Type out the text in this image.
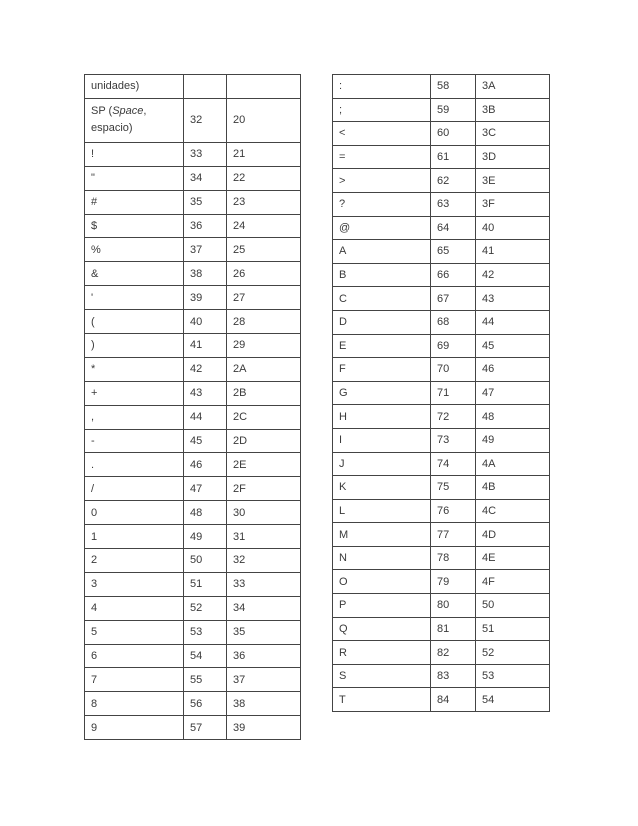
unidades)		
SP (Space,
espacio)	32	20
!	33	21
"	34	22
#	35	23
$	36	24
%	37	25
&	38	26
'	39	27
(	40	28
)	41	29
*	42	2A
+	43	2B
,	44	2C
-	45	2D
.	46	2E
/	47	2F
0	48	30
1	49	31
2	50	32
3	51	33
4	52	34
5	53	35
6	54	36
7	55	37
8	56	38
9	57	39
:	58	3A
;	59	3B
<	60	3C
=	61	3D
>	62	3E
?	63	3F
@	64	40
A	65	41
B	66	42
C	67	43
D	68	44
E	69	45
F	70	46
G	71	47
H	72	48
I	73	49
J	74	4A
K	75	4B
L	76	4C
M	77	4D
N	78	4E
O	79	4F
P	80	50
Q	81	51
R	82	52
S	83	53
T	84	54
